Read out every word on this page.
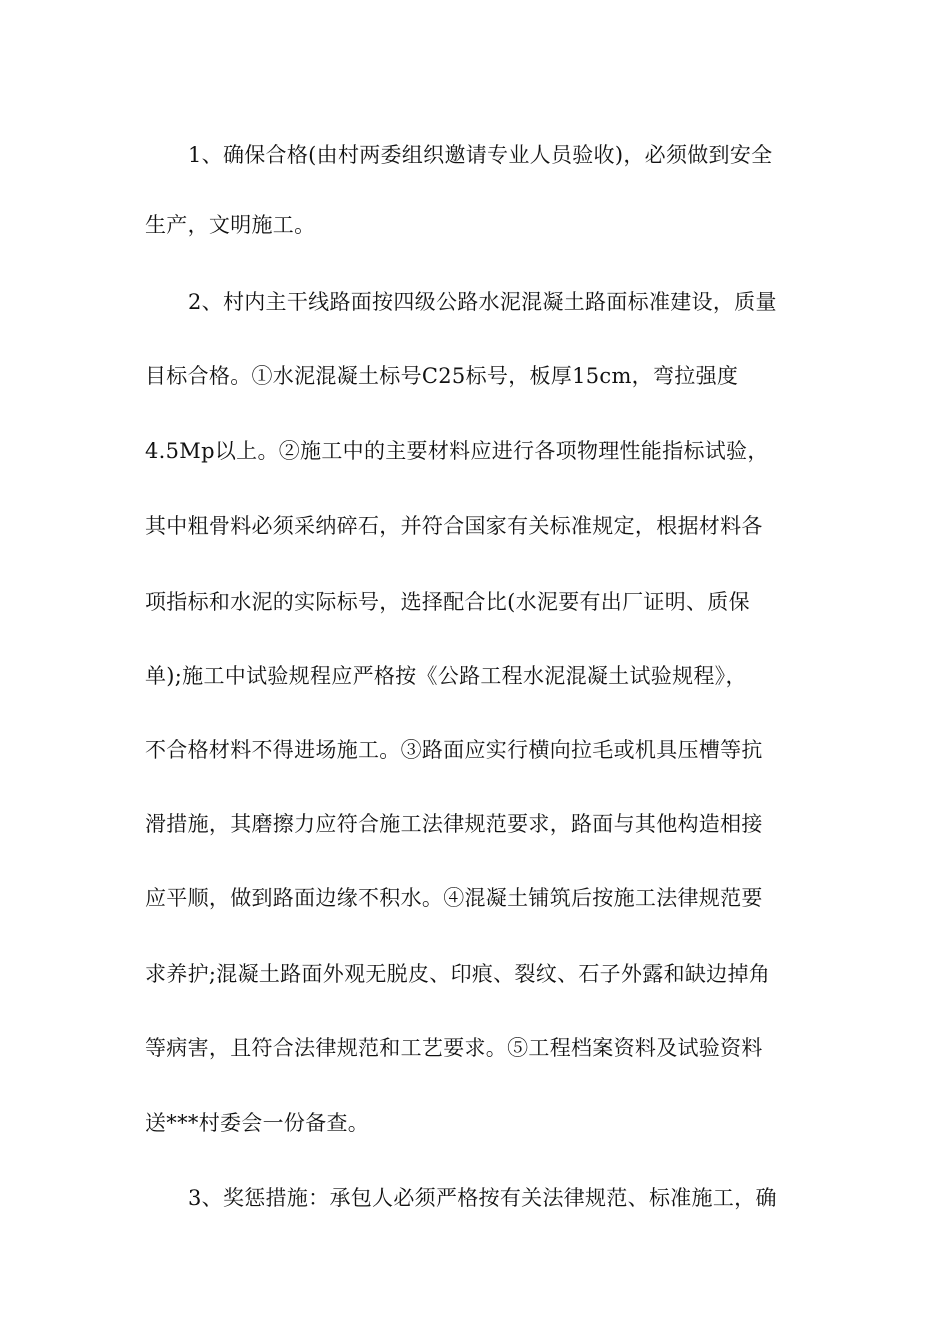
1、确保合格(由村两委组织邀请专业人员验收)，必须做到安全
生产，文明施工。
2、村内主干线路面按四级公路水泥混凝土路面标准建设，质量
目标合格。①水泥混凝土标号C25标号，板厚15cm，弯拉强度
4.5Mp以上。②施工中的主要材料应进行各项物理性能指标试验，
其中粗骨料必须采纳碎石，并符合国家有关标准规定，根据材料各
项指标和水泥的实际标号，选择配合比(水泥要有出厂证明、质保
单);施工中试验规程应严格按《公路工程水泥混凝土试验规程》，
不合格材料不得进场施工。③路面应实行横向拉毛或机具压槽等抗
滑措施，其磨擦力应符合施工法律规范要求，路面与其他构造相接
应平顺，做到路面边缘不积水。④混凝土铺筑后按施工法律规范要
求养护;混凝土路面外观无脱皮、印痕、裂纹、石子外露和缺边掉角
等病害，且符合法律规范和工艺要求。⑤工程档案资料及试验资料
送***村委会一份备查。
3、奖惩措施：承包人必须严格按有关法律规范、标准施工，确
